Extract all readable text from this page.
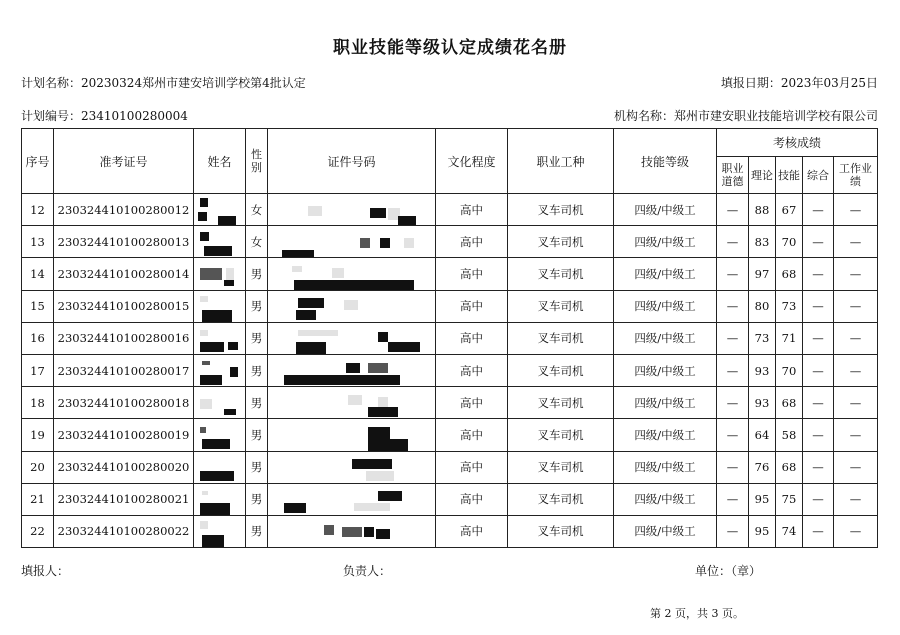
职业技能等级认定成绩花名册
计划名称：20230324郑州市建安培训学校第4批认定	填报日期：2023年03月25日
计划编号：23410100280004	机构名称：郑州市建安职业技能培训学校有限公司
序号	准考证号	姓名	性别	证件号码	文化程度	职业工种	技能等级	考核成绩				
								职业道德	理论	技能	综合	工作业绩
12	230324410100280012		女		高中	叉车司机	四级/中级工	—	88	67	—	—
13	230324410100280013		女		高中	叉车司机	四级/中级工	—	83	70	—	—
14	230324410100280014		男		高中	叉车司机	四级/中级工	—	97	68	—	—
15	230324410100280015		男		高中	叉车司机	四级/中级工	—	80	73	—	—
16	230324410100280016		男		高中	叉车司机	四级/中级工	—	73	71	—	—
17	230324410100280017		男		高中	叉车司机	四级/中级工	—	93	70	—	—
18	230324410100280018		男		高中	叉车司机	四级/中级工	—	93	68	—	—
19	230324410100280019		男		高中	叉车司机	四级/中级工	—	64	58	—	—
20	230324410100280020		男		高中	叉车司机	四级/中级工	—	76	68	—	—
21	230324410100280021		男		高中	叉车司机	四级/中级工	—	95	75	—	—
22	230324410100280022		男		高中	叉车司机	四级/中级工	—	95	74	—	—
填报人：	负责人：	单位：（章）
第 2 页，共 3 页。
